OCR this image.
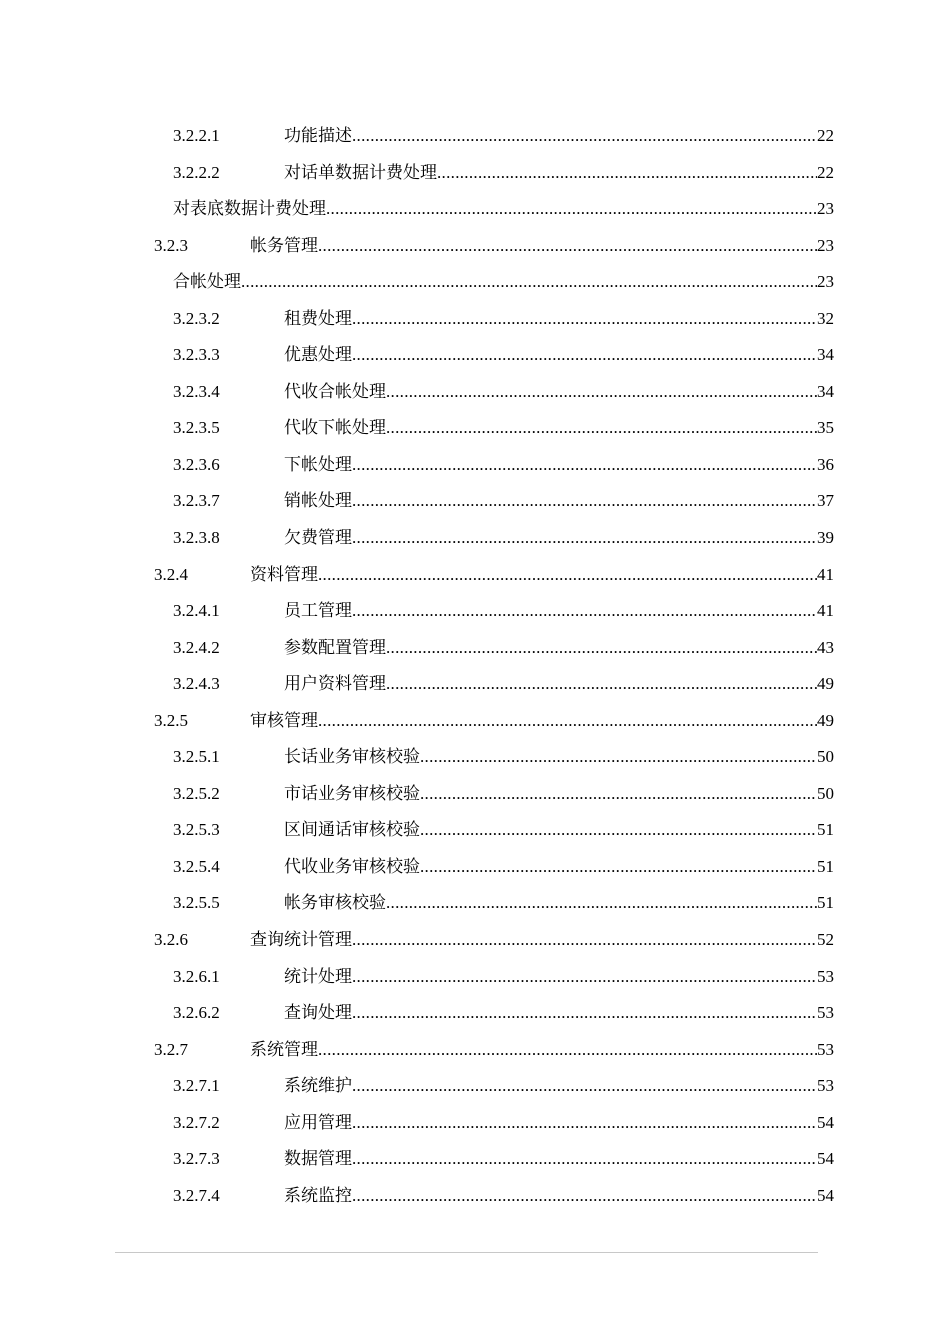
3.2.2.1	功能描述 .....	22
3.2.2.2	对话单数据计费处理 .....	22
对表底数据计费处理 .....	23
3.2.3	帐务管理 .....	23
合帐处理 .....	23
3.2.3.2	租费处理 .....	32
3.2.3.3	优惠处理 .....	34
3.2.3.4	代收合帐处理 .....	34
3.2.3.5	代收下帐处理 .....	35
3.2.3.6	下帐处理 .....	36
3.2.3.7	销帐处理 .....	37
3.2.3.8	欠费管理 .....	39
3.2.4	资料管理 .....	41
3.2.4.1	员工管理 .....	41
3.2.4.2	参数配置管理 .....	43
3.2.4.3	用户资料管理 .....	49
3.2.5	审核管理 .....	49
3.2.5.1	长话业务审核校验 .....	50
3.2.5.2	市话业务审核校验 .....	50
3.2.5.3	区间通话审核校验 .....	51
3.2.5.4	代收业务审核校验 .....	51
3.2.5.5	帐务审核校验 .....	51
3.2.6	查询统计管理 .....	52
3.2.6.1	统计处理 .....	53
3.2.6.2	查询处理 .....	53
3.2.7	系统管理 .....	53
3.2.7.1	系统维护 .....	53
3.2.7.2	应用管理 .....	54
3.2.7.3	数据管理 .....	54
3.2.7.4	系统监控 .....	54
